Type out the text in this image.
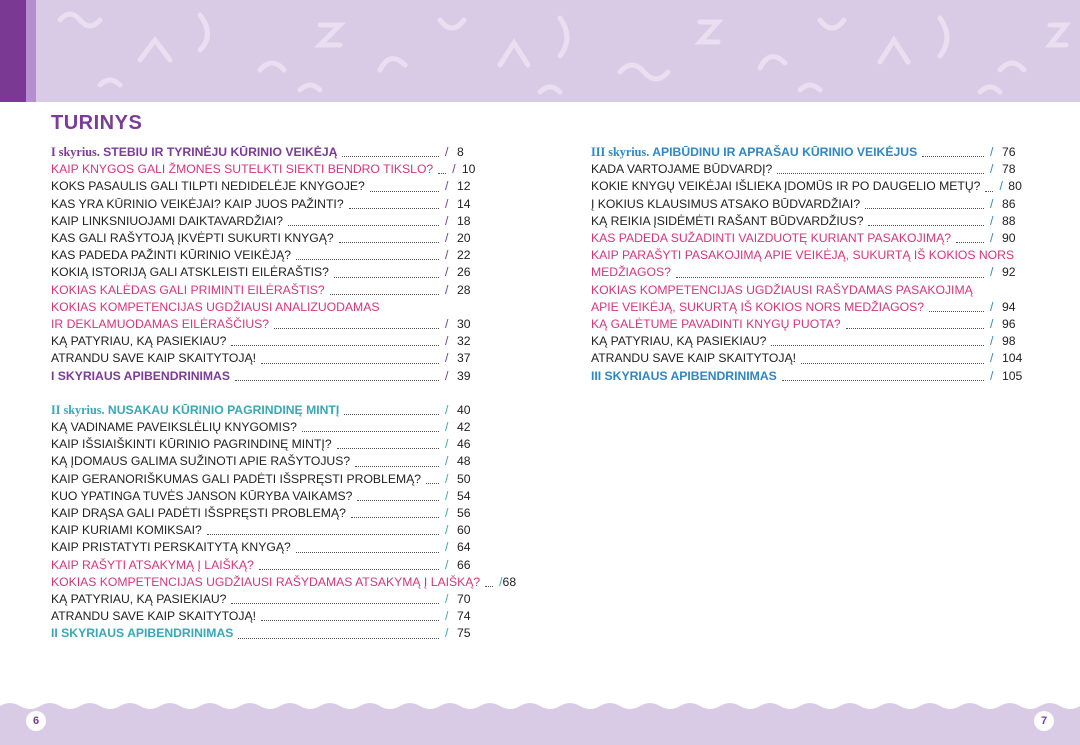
TURINYS
I skyrius. STEBIU IR TYRINĖJU KŪRINIO VEIKĖJĄ	/ 8
KAIP KNYGOS GALI ŽMONES SUTELKTI SIEKTI BENDRO TIKSLO? / 10
KOKS PASAULIS GALI TILPTI NEDIDELĖJE KNYGOJE?	/ 12
KAS YRA KŪRINIO VEIKĖJAI? KAIP JUOS PAŽINTI?	/ 14
KAIP LINKSNIUOJAMI DAIKTAVARDŽIAI?	/ 18
KAS GALI RAŠYTOJĄ ĮKVĖPTI SUKURTI KNYGĄ?	/ 20
KAS PADEDA PAŽINTI KŪRINIO VEIKĖJĄ?	/ 22
KOKIĄ ISTORIJĄ GALI ATSKLEISTI EILĖRAŠTIS?	/ 26
KOKIAS KALĖDAS GALI PRIMINTI EILĖRAŠTIS?	/ 28
KOKIAS KOMPETENCIJAS UGDŽIAUSI ANALIZUODAMAS
IR DEKLAMUODAMAS EILĖRAŠČIUS?	/ 30
KĄ PATYRIAU, KĄ PASIEKIAU?	/ 32
ATRANDU SAVE KAIP SKAITYTOJĄ!	/ 37
I SKYRIAUS APIBENDRINIMAS	/ 39
II skyrius. NUSAKAU KŪRINIO PAGRINDINĘ MINTĮ	/ 40
KĄ VADINAME PAVEIKSLĖLIŲ KNYGOMIS?	/ 42
KAIP IŠSIAIŠKINTI KŪRINIO PAGRINDINĘ MINTĮ?	/ 46
KĄ ĮDOMAUS GALIMA SUŽINOTI APIE RAŠYTOJUS?	/ 48
KAIP GERANORIŠKUMAS GALI PADĖTI IŠSPRĘSTI PROBLEMĄ? / 50
KUO YPATINGA TUVĖS JANSON KŪRYBA VAIKAMS?	/ 54
KAIP DRĄSA GALI PADĖTI IŠSPRĘSTI PROBLEMĄ?	/ 56
KAIP KURIAMI KOMIKSAI?	/ 60
KAIP PRISTATYTI PERSKAITYTĄ KNYGĄ?	/ 64
KAIP RAŠYTI ATSAKYMĄ Į LAIŠKĄ?	/ 66
KOKIAS KOMPETENCIJAS UGDŽIAUSI RAŠYDAMAS ATSAKYMĄ Į LAIŠKĄ? / 68
KĄ PATYRIAU, KĄ PASIEKIAU?	/ 70
ATRANDU SAVE KAIP SKAITYTOJĄ!	/ 74
II SKYRIAUS APIBENDRINIMAS	/ 75
III skyrius. APIBŪDINU IR APRAŠAU KŪRINIO VEIKĖJUS	/ 76
KADA VARTOJAME BŪDVARDĮ?	/ 78
KOKIE KNYGŲ VEIKĖJAI IŠLIEKA ĮDOMŪS IR PO DAUGELIO METŲ? / 80
Į KOKIUS KLAUSIMUS ATSAKO BŪDVARDŽIAI?	/ 86
KĄ REIKIA ĮSIDĖMĖTI RAŠANT BŪDVARDŽIUS?	/ 88
KAS PADEDA SUŽADINTI VAIZDUOTĘ KURIANT PASAKOJIMĄ?	/ 90
KAIP PARAŠYTI PASAKOJIMĄ APIE VEIKĖJĄ, SUKURTĄ IŠ KOKIOS NORS
MEDŽIAGOS?	/ 92
KOKIAS KOMPETENCIJAS UGDŽIAUSI RAŠYDAMAS PASAKOJIMĄ
APIE VEIKĖJĄ, SUKURTĄ IŠ KOKIOS NORS MEDŽIAGOS?	/ 94
KĄ GALĖTUME PAVADINTI KNYGŲ PUOTA?	/ 96
KĄ PATYRIAU, KĄ PASIEKIAU?	/ 98
ATRANDU SAVE KAIP SKAITYTOJĄ!	/ 104
III SKYRIAUS APIBENDRINIMAS	/ 105
6	7
